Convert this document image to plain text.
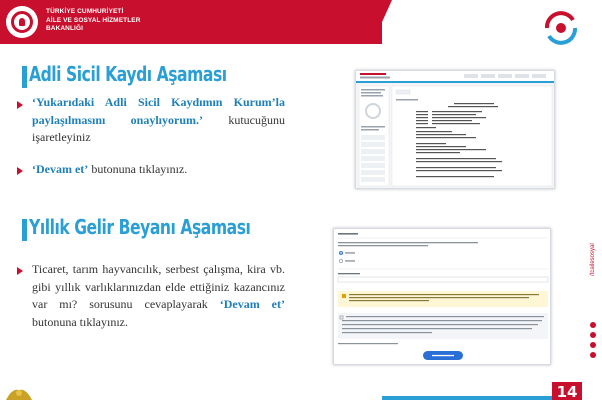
TÜRKİYE CUMHURİYETİ
AİLE VE SOSYAL HİZMETLER
BAKANLIĞI
Adli Sicil Kaydı Aşaması
‘Yukarıdaki Adli Sicil Kaydımın Kurum’la paylaşılmasını onaylıyorum.’ kutucuğunu işaretleyiniz
‘Devam et’ butonuna tıklayınız.
Yıllık Gelir Beyanı Aşaması
Ticaret, tarım hayvancılık, serbest çalışma, kira vb. gibi yıllık varlıklarınızdan elde ettiğiniz kazancınız var mı? sorusunu cevaplayarak ‘Devam et’ butonuna tıklayınız.
/tcailesosyal
14
